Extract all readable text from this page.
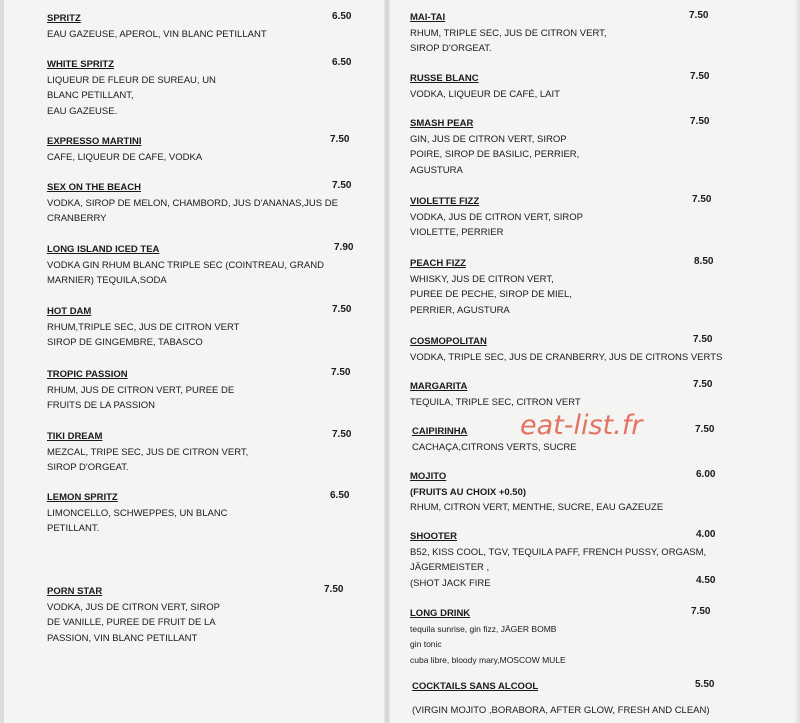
SPRITZ
EAU GAZEUSE, APEROL, VIN BLANC PETILLANT
6.50
WHITE SPRITZ
LIQUEUR DE FLEUR DE SUREAU, UN
BLANC PETILLANT,
EAU GAZEUSE.
6.50
EXPRESSO MARTINI
CAFE, LIQUEUR DE CAFE, VODKA
7.50
SEX ON THE BEACH
VODKA, SIROP DE MELON, CHAMBORD, JUS D'ANANAS,JUS DE
CRANBERRY
7.50
LONG ISLAND ICED TEA
VODKA GIN RHUM BLANC TRIPLE SEC (COINTREAU, GRAND
MARNIER) TEQUILA,SODA
7.90
HOT DAM
RHUM,TRIPLE SEC, JUS DE CITRON VERT
SIROP DE GINGEMBRE, TABASCO
7.50
TROPIC PASSION
RHUM, JUS DE CITRON VERT, PUREE DE
FRUITS DE LA PASSION
7.50
TIKI DREAM
MEZCAL, TRIPE SEC, JUS DE CITRON VERT,
SIROP D'ORGEAT.
7.50
LEMON SPRITZ
LIMONCELLO, SCHWEPPES, UN BLANC
PETILLANT.
6.50
PORN STAR
VODKA, JUS DE CITRON VERT, SIROP
DE VANILLE, PUREE DE FRUIT DE LA
PASSION, VIN BLANC PETILLANT
7.50
MAI-TAI
RHUM, TRIPLE SEC, JUS DE CITRON VERT,
SIROP D'ORGEAT.
7.50
RUSSE BLANC
VODKA, LIQUEUR DE CAFÉ, LAIT
7.50
SMASH PEAR
GIN, JUS DE CITRON VERT, SIROP
POIRE, SIROP DE BASILIC, PERRIER,
AGUSTURA
7.50
VIOLETTE FIZZ
VODKA, JUS DE CITRON VERT, SIROP
VIOLETTE, PERRIER
7.50
PEACH FIZZ
WHISKY, JUS DE CITRON VERT,
PUREE DE PECHE, SIROP DE MIEL,
PERRIER, AGUSTURA
8.50
COSMOPOLITAN
VODKA, TRIPLE SEC, JUS DE CRANBERRY, JUS DE CITRONS VERTS
7.50
MARGARITA
TEQUILA, TRIPLE SEC, CITRON VERT
7.50
CAIPIRINHA
CACHAÇA,CITRONS VERTS, SUCRE
7.50
MOJITO
(FRUITS AU CHOIX +0.50)
RHUM, CITRON VERT, MENTHE, SUCRE, EAU GAZEUZE
6.00
SHOOTER
B52, KISS COOL, TGV, TEQUILA PAFF, FRENCH PUSSY, ORGASM,
JÄGERMEISTER ,
(SHOT JACK FIRE
4.00
4.50
LONG DRINK
tequila sunrise, gin fizz, JÄGER BOMB
gin tonic
cuba libre, bloody mary,MOSCOW MULE
7.50
COCKTAILS SANS ALCOOL
(VIRGIN MOJITO ,BORABORA, AFTER GLOW, FRESH AND CLEAN)
5.50
eat-list.fr
